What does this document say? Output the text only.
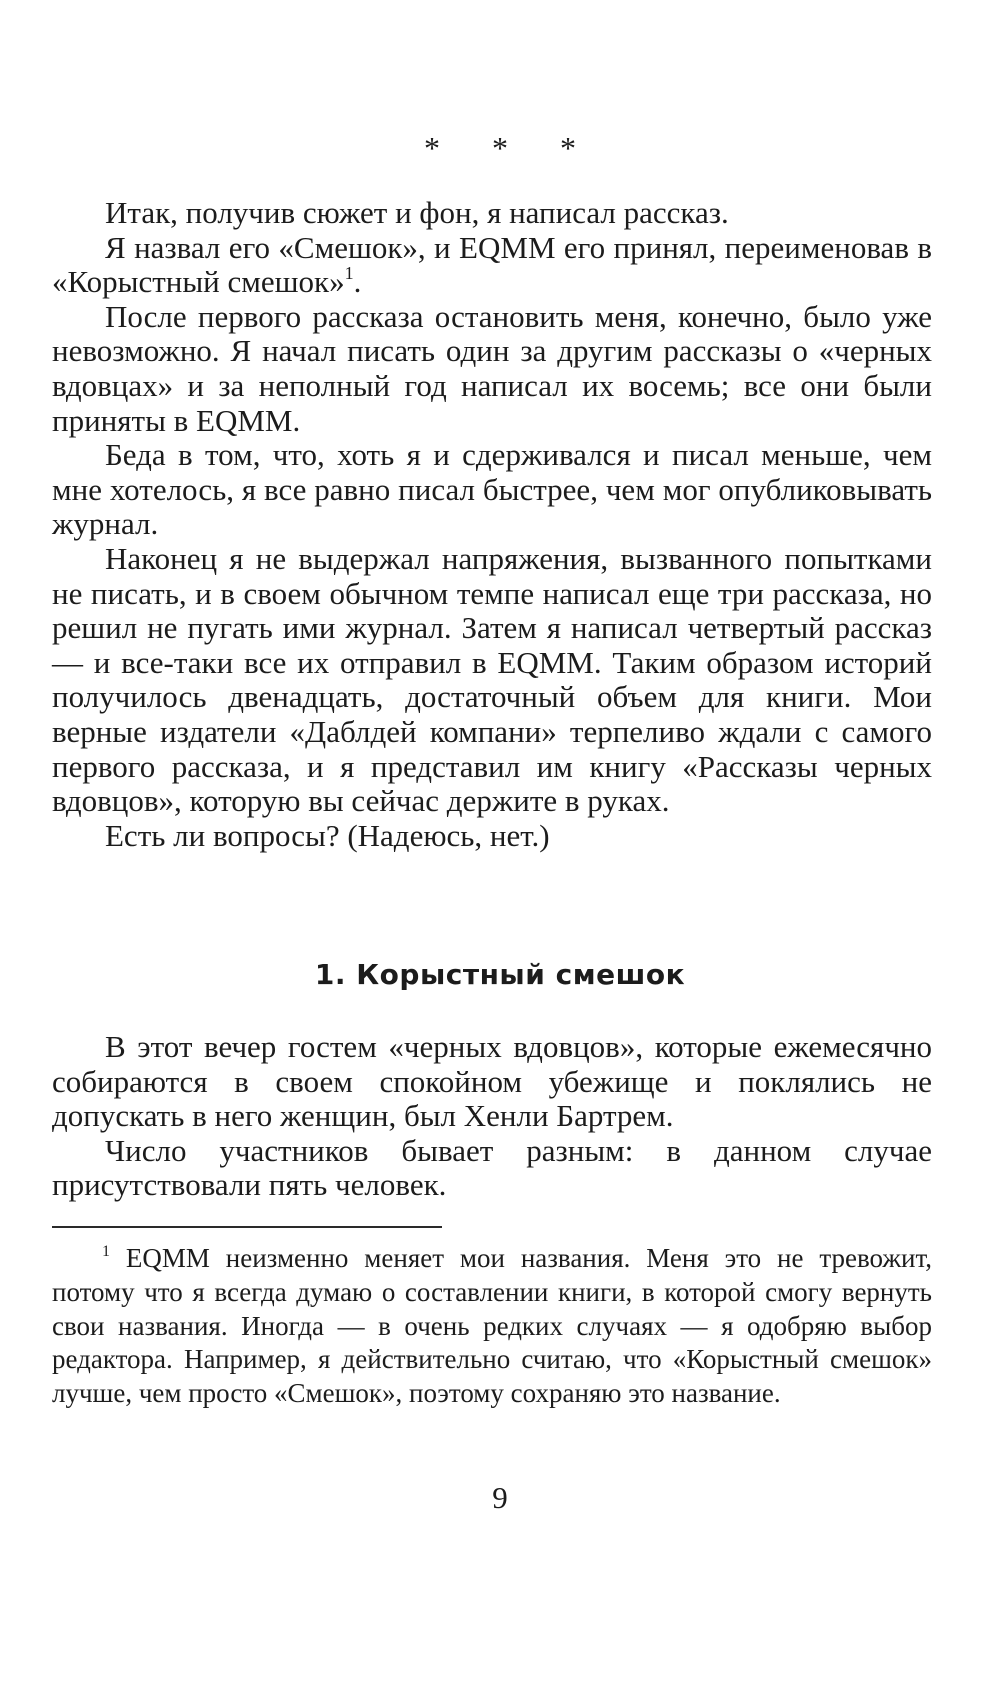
* * *

Итак, получив сюжет и фон, я написал рассказ.

Я назвал его «Смешок», и EQMM его принял, переименовав в «Корыстный смешок»$^1$.

После первого рассказа остановить меня, конечно, было уже невозможно. Я начал писать один за другим рассказы о «черных вдовцах» и за неполный год написал их восемь; все они были приняты в EQMM.

Беда в том, что, хоть я и сдерживался и писал меньше, чем мне хотелось, я все равно писал быстрее, чем мог опубликовывать журнал.

Наконец я не выдержал напряжения, вызванного попытками не писать, и в своем обычном темпе написал еще три рассказа, но решил не пугать ими журнал. Затем я написал четвертый рассказ — и все-таки все их отправил в EQMM. Таким образом историй получилось двенадцать, достаточный объем для книги. Мои верные издатели «Даблдей компани» терпеливо ждали с самого первого рассказа, и я представил им книгу «Рассказы черных вдовцов», которую вы сейчас держите в руках.

Есть ли вопросы? (Надеюсь, нет.)

1. Корыстный смешок

В этот вечер гостем «черных вдовцов», которые ежемесячно собираются в своем спокойном убежище и поклялись не допускать в него женщин, был Хенли Бартрем.

Число участников бывает разным: в данном случае присутствовали пять человек.

$^1$ EQMM неизменно меняет мои названия. Меня это не тревожит, потому что я всегда думаю о составлении книги, в которой смогу вернуть свои названия. Иногда — в очень редких случаях — я одобряю выбор редактора. Например, я действительно считаю, что «Корыстный смешок» лучше, чем просто «Смешок», поэтому сохраняю это название.

9
